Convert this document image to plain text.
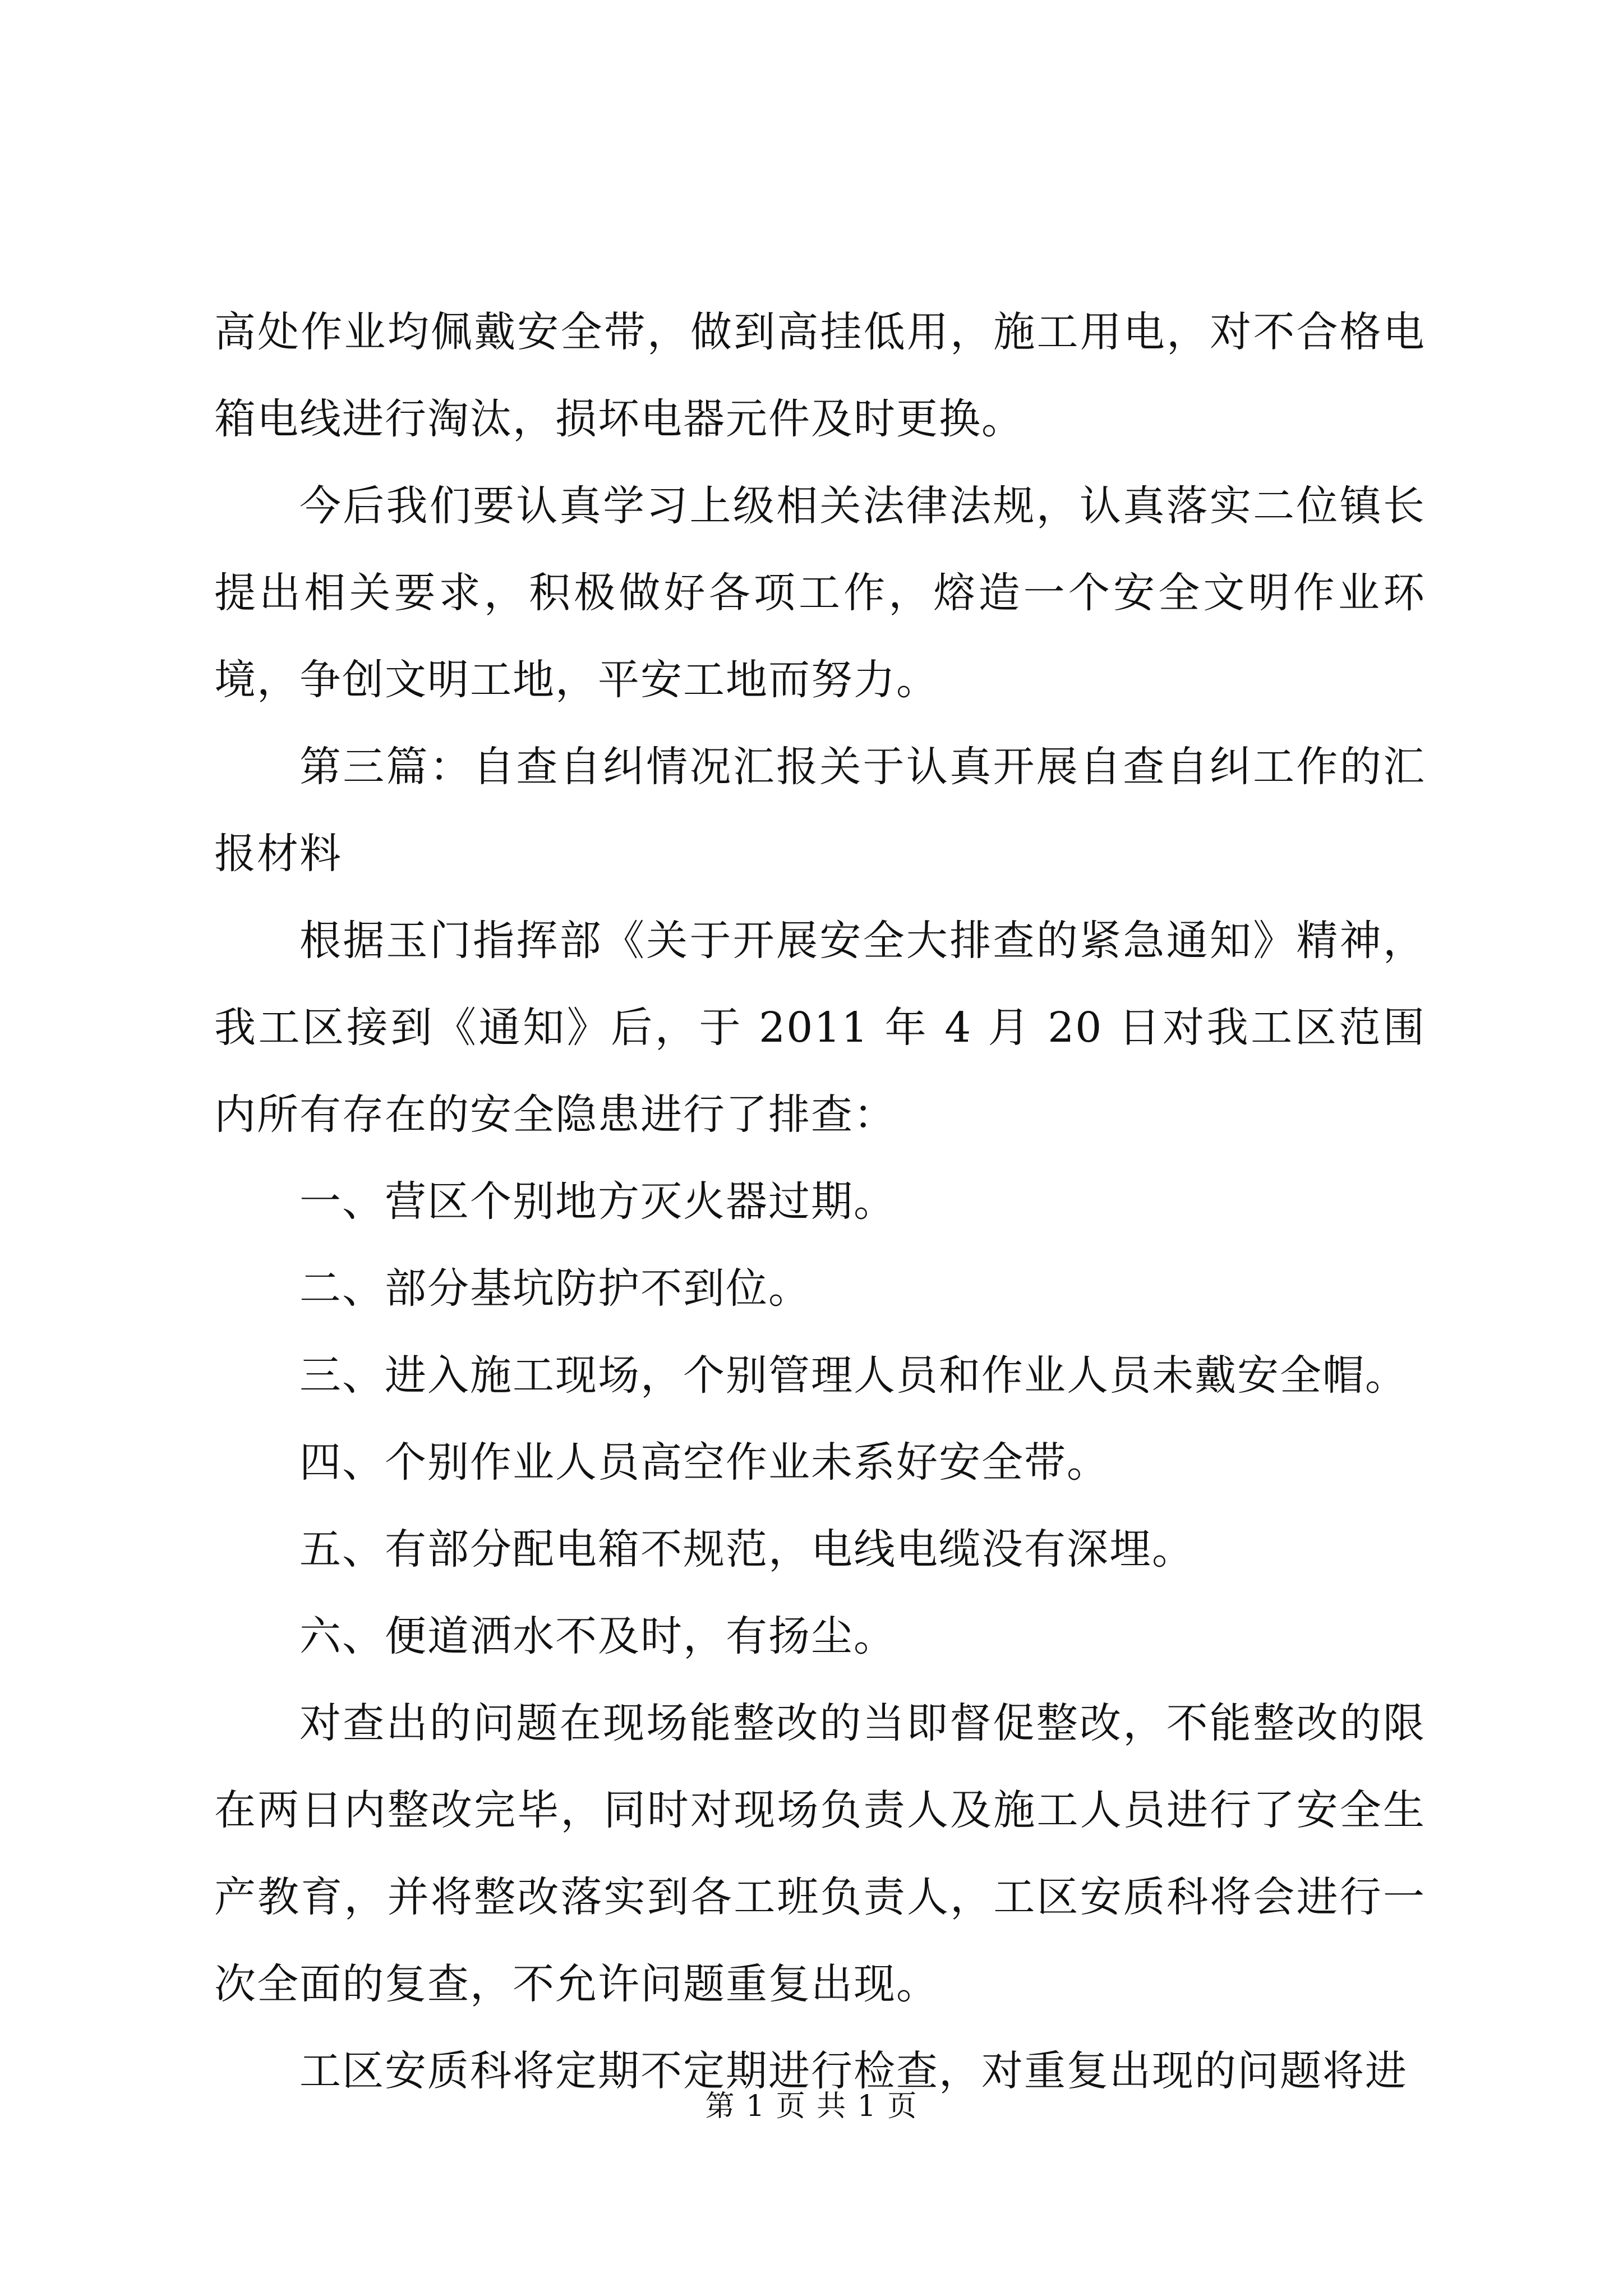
高处作业均佩戴安全带，做到高挂低用，施工用电，对不合格电箱电线进行淘汰，损坏电器元件及时更换。

今后我们要认真学习上级相关法律法规，认真落实二位镇长提出相关要求，积极做好各项工作，熔造一个安全文明作业环境，争创文明工地，平安工地而努力。

第三篇：自查自纠情况汇报关于认真开展自查自纠工作的汇报材料

根据玉门指挥部《关于开展安全大排查的紧急通知》精神，我工区接到《通知》后，于 2011 年 4 月 20 日对我工区范围内所有存在的安全隐患进行了排查：

一、营区个别地方灭火器过期。

二、部分基坑防护不到位。

三、进入施工现场，个别管理人员和作业人员未戴安全帽。

四、个别作业人员高空作业未系好安全带。

五、有部分配电箱不规范，电线电缆没有深埋。

六、便道洒水不及时，有扬尘。

对查出的问题在现场能整改的当即督促整改，不能整改的限在两日内整改完毕，同时对现场负责人及施工人员进行了安全生产教育，并将整改落实到各工班负责人，工区安质科将会进行一次全面的复查，不允许问题重复出现。

工区安质科将定期不定期进行检查，对重复出现的问题将进

第 1 页 共 1 页
